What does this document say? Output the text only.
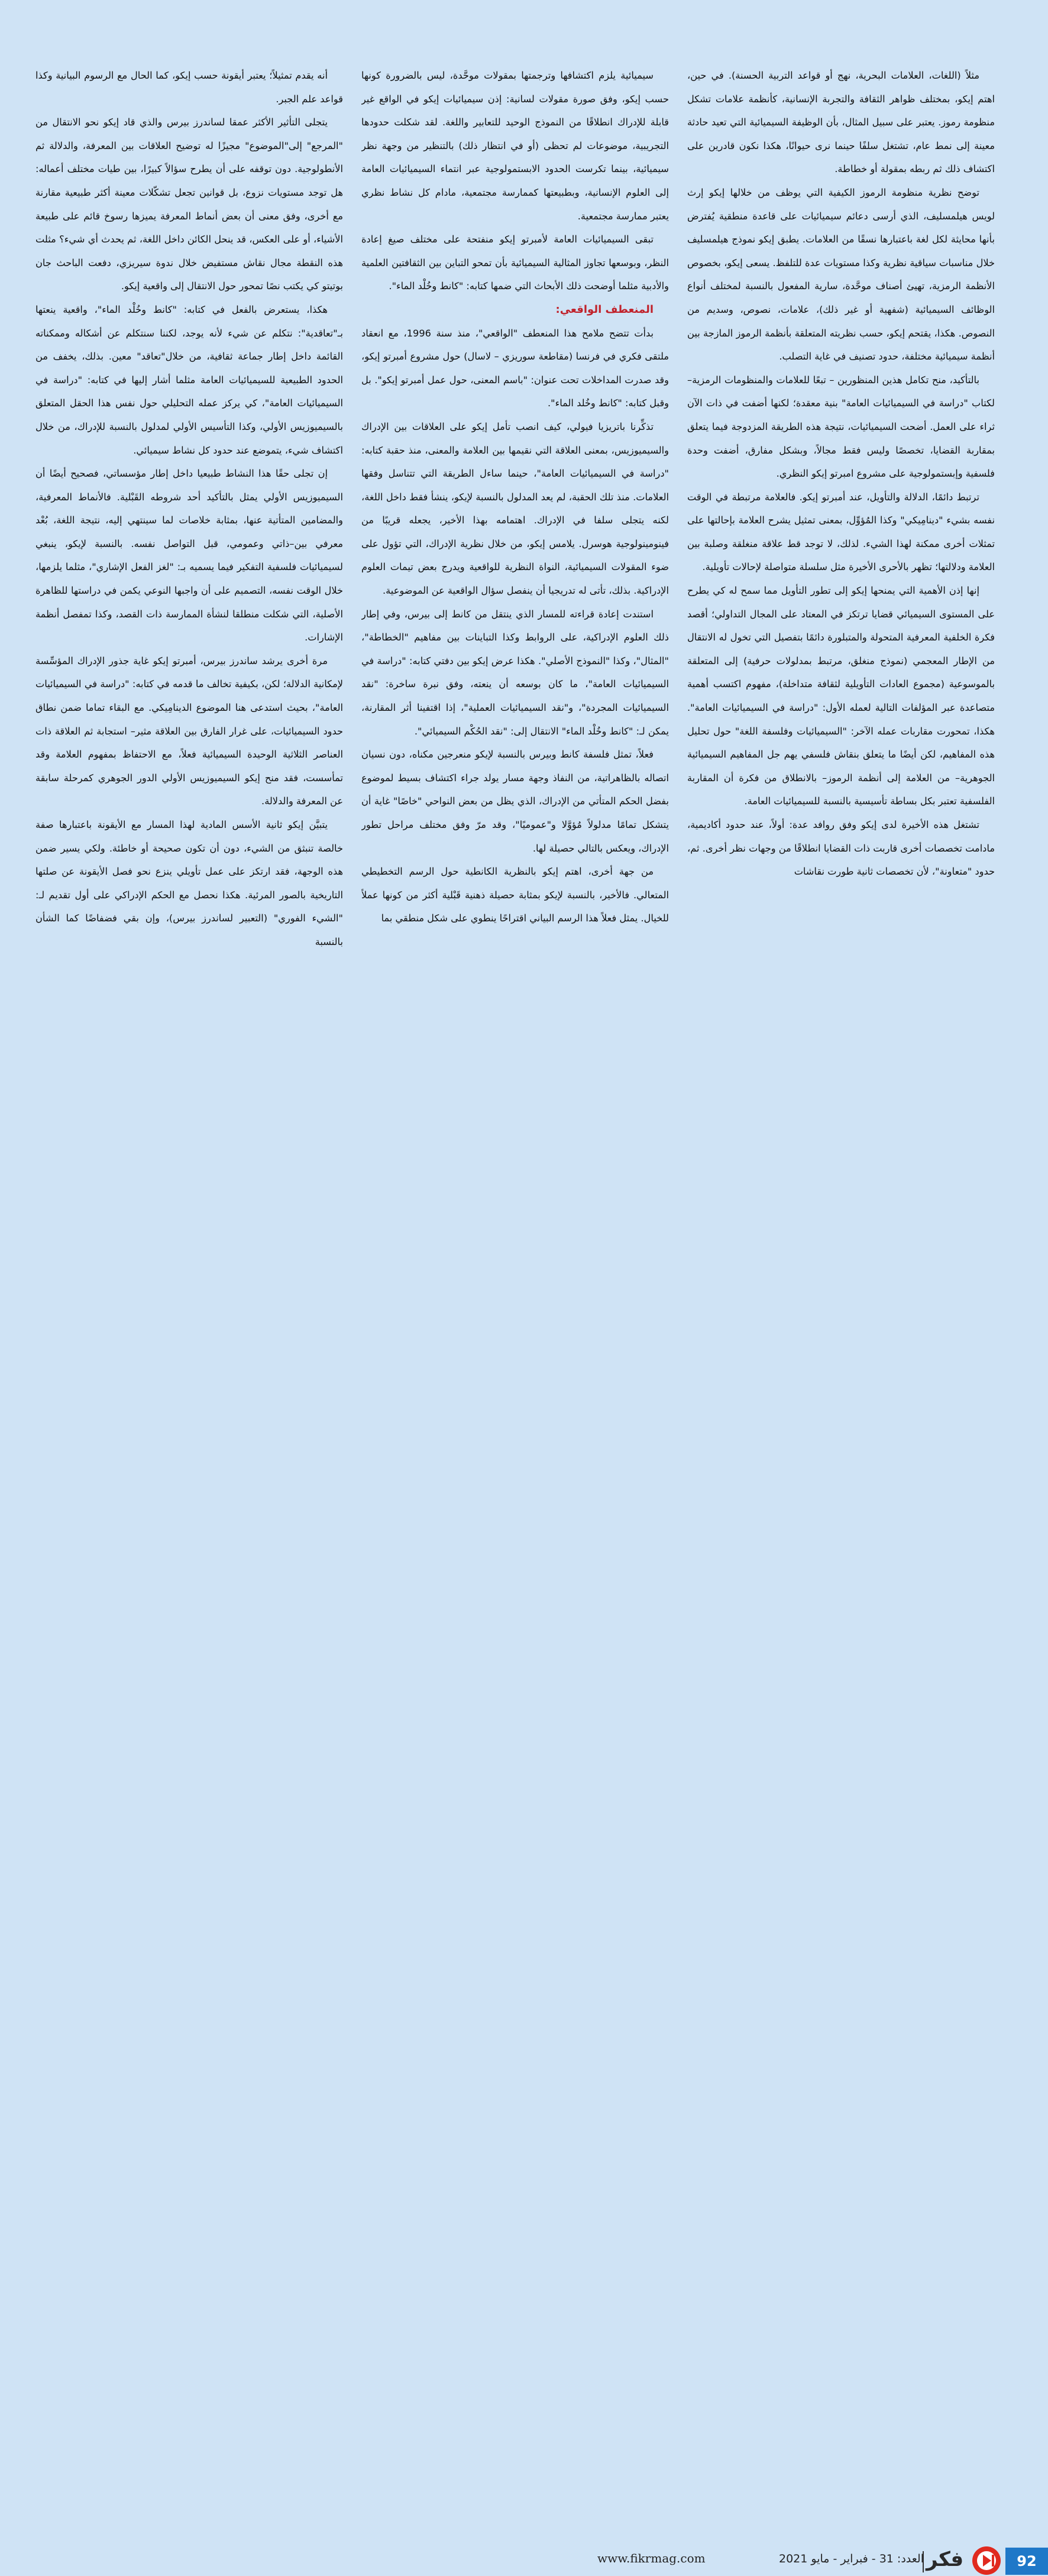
مثلاً (اللغات، العلامات البحرية، نهج أو قواعد التربية الحسنة). في حين، اهتم إيكو، بمختلف ظواهر الثقافة والتجربة الإنسانية، كأنظمة علامات تشكل منظومة رموز. يعتبر على سبيل المثال، بأن الوظيفة السيميائية التي تعيد حادثة معينة إلى نمط عام، تشتغل سلفًا حينما نرى حيوانًا، هكذا نكون قادرين على اكتشاف ذلك ثم ربطه بمقولة أو خطاطة.

توضح نظرية منظومة الرموز الكيفية التي يوظف من خلالها إيكو إرث لويس هيلمسليف، الذي أرسى دعائم سيميائيات على قاعدة منطقية يُفترض بأنها محايثة لكل لغة باعتبارها نسقًا من العلامات. يطبق إيكو نموذج هيلمسليف خلال مناسبات سياقية نظرية وكذا مستويات عدة للتلفظ. يسعى إيكو، بخصوص الأنظمة الرمزية، تهيئ أصناف موحَّدة، سارية المفعول بالنسبة لمختلف أنواع الوظائف السيميائية (شفهية أو غير ذلك)، علامات، نصوص، وسديم من النصوص. هكذا، يقتحم إيكو، حسب نظريته المتعلقة بأنظمة الرموز المازجة بين أنظمة سيميائية مختلفة، حدود تصنيف في غاية التصلب.

بالتأكيد، منح تكامل هذين المنظورين – تبعًا للعلامات والمنظومات الرمزية– لكتاب "دراسة في السيميائيات العامة" بنية معقدة؛ لكنها أضفت في ذات الآن ثراء على العمل. أضحت السيميائيات، نتيجة هذه الطريقة المزدوجة فيما يتعلق بمقاربة القضايا، تخصصًا وليس فقط مجالاً، وبشكل مفارق، أضفت وحدة فلسفية وإبستمولوجية على مشروع امبرتو إيكو النظري.

ترتبط دائمًا، الدلالة والتأويل، عند أمبرتو إيكو. فالعلامة مرتبطة في الوقت نفسه بشيء "دينامِيكي" وكذا المُؤوِّل، بمعنى تمثيل يشرح العلامة بإحالتها على تمثلات أخرى ممكنة لهذا الشيء. لذلك، لا توجد قط علاقة منغلقة وصلبة بين العلامة ودلالتها؛ تظهر بالأحرى الأخيرة مثل سلسلة متواصلة لإحالات تأويلية.

إنها إذن الأهمية التي يمنحها إيكو إلى تطور التأويل مما سمح له كي يطرح على المستوى السيميائي قضايا ترتكز في المعتاد على المجال التداولي؛ أقصد فكرة الخلفية المعرفية المتحولة والمتبلورة دائمًا بتفصيل التي تخول له الانتقال من الإطار المعجمي (نموذج منغلق، مرتبط بمدلولات حرفية) إلى المتعلقة بالموسوعية (مجموع العادات التأويلية لثقافة متداخلة)، مفهوم اكتسب أهمية متصاعدة عبر المؤلفات التالية لعمله الأول: "دراسة في السيميائيات العامة". هكذا، تمحورت مقاربات عمله الآخر: "السيميائيات وفلسفة اللغة" حول تحليل هذه المفاهيم، لكن أيضًا ما يتعلق بنقاش فلسفي يهم جل المفاهيم السيميائية الجوهرية– من العلامة إلى أنظمة الرموز– بالانطلاق من فكرة أن المقاربة الفلسفية تعتبر بكل بساطة تأسيسية بالنسبة للسيميائيات العامة.

تشتغل هذه الأخيرة لدى إيكو وفق روافد عدة: أولاً، عند حدود أكاديمية، مادامت تخصصات أخرى قاربت ذات القضايا انطلاقًا من وجهات نظر أخرى. ثم، حدود "متعاونة"، لأن تخصصات ثانية طورت نقاشات

سيميائية يلزم اكتشافها وترجمتها بمقولات موحَّدة، ليس بالضرورة كونها حسب إيكو، وفق صورة مقولات لسانية: إذن سيميائيات إيكو في الواقع غير قابلة للإدراك انطلاقًا من النموذج الوحيد للتعابير واللغة. لقد شكلت حدودها التجريبية، موضوعات لم تحظى (أو في انتظار ذلك) بالتنظير من وجهة نظر سيميائية، بينما تكرست الحدود الابستمولوجية عبر انتماء السيميائيات العامة إلى العلوم الإنسانية، وبطبيعتها كممارسة مجتمعية، مادام كل نشاط نظري يعتبر ممارسة مجتمعية.

تبقى السيميائيات العامة لأمبرتو إيكو منفتحة على مختلف صيغ إعادة النظر، وبوسعها تجاوز المثالية السيميائية بأن تمحو التباين بين الثقافتين العلمية والأدبية مثلما أوضحت ذلك الأبحاث التي ضمها كتابه: "كانط وخُلْد الماء".

المنعطف الواقعي:

بدأت تتضح ملامح هذا المنعطف "الواقعي"، منذ سنة 1996، مع انعقاد ملتقى فكري في فرنسا (مقاطعة سوريزي – لاسال) حول مشروع أمبرتو إيكو، وقد صدرت المداخلات تحت عنوان: "باسم المعنى، حول عمل أمبرتو إيكو". بل وقبل كتابه: "كانط وخُلد الماء".

تذكِّرنا باتريزيا فيولي، كيف انصب تأمل إيكو على العلاقات بين الإدراك والسيميوزيس، بمعنى العلاقة التي نقيمها بين العلامة والمعنى، منذ حقبة كتابه: "دراسة في السيميائيات العامة"، حينما ساءل الطريقة التي تتناسل وفقها العلامات. منذ تلك الحقبة، لم يعد المدلول بالنسبة لإيكو، ينشأ فقط داخل اللغة، لكنه يتجلى سلفا في الإدراك. اهتمامه بهذا الأخير، يجعله قريبًا من فينومينولوجية هوسرل. يلامس إيكو، من خلال نظرية الإدراك، التي تؤول على ضوء المقولات السيميائية، النواة النظرية للواقعية ويدرج بعض تيمات العلوم الإدراكية. بذلك، تأتى له تدريجيا أن ينفصل سؤال الواقعية عن الموضوعية.

استندت إعادة قراءته للمسار الذي ينتقل من كانط إلى بيرس، وفي إطار ذلك العلوم الإدراكية، على الروابط وكذا التباينات بين مفاهيم "الخطاطة"، "المثال"، وكذا "النموذج الأصلي". هكذا عرض إيكو بين دفتي كتابه: "دراسة في السيميائيات العامة"، ما كان بوسعه أن ينعته، وفق نبرة ساخرة: "نقد السيميائيات المجردة"، و"نقد السيميائيات العملية"، إذا اقتفينا أثر المقارنة، يمكن لـ: "كانط وخُلْد الماء" الانتقال إلى: "نقد الحُكْم السيميائي".

فعلاً، تمثل فلسفة كانط وبيرس بالنسبة لإيكو منعرجين مكناه، دون نسيان اتصاله بالظاهراتية، من النفاذ وجهة مسار يولد جراء اكتشاف بسيط لموضوع بفضل الحكم المتأتي من الإدراك، الذي يظل من بعض النواحي "خاصًا" غاية أن يتشكل تمامًا مدلولاً مُؤوَّلا و"عموميًا"، وقد مرّ وفق مختلف مراحل تطور الإدراك، ويعكس بالتالي حصيلة لها.

من جهة أخرى، اهتم إيكو بالنظرية الكانطية حول الرسم التخطيطي المتعالي. فالأخير، بالنسبة لإيكو بمثابة حصيلة ذهنية قَبْلية أكثر من كونها عملاً للخيال. يمثل فعلاً هذا الرسم البياني اقتراحًا ينطوي على شكل منطقي بما

أنه يقدم تمثيلاً؛ يعتبر أيقونة حسب إيكو، كما الحال مع الرسوم البيانية وكذا قواعد علم الجبر.

يتجلى التأثير الأكثر عمقا لساندرز بيرس والذي قاد إيكو نحو الانتقال من "المرجع" إلى"الموضوع" مجيزًا له توضيح العلاقات بين المعرفة، والدلالة ثم الأنطولوجية. دون توقفه على أن يطرح سؤالاً كبيرًا، بين طيات مختلف أعماله: هل توجد مستويات نزوع، بل قوانين تجعل تشكّلات معينة أكثر طبيعية مقارنة مع أخرى، وفق معنى أن بعض أنماط المعرفة يميزها رسوخ قائم على طبيعة الأشياء، أو على العكس، قد ينحل الكائن داخل اللغة، ثم يحدث أي شيء؟ مثلت هذه النقطة مجال نقاش مستفيض خلال ندوة سيريزي، دفعت الباحث جان بوتيتو كي يكتب نصًا تمحور حول الانتقال إلى واقعية إيكو.

هكذا، يستعرض بالفعل في كتابه: "كانط وخُلْد الماء"، واقعية ينعتها بـ"تعاقدية": نتكلم عن شيء لأنه يوجد، لكننا سنتكلم عن أشكاله وممكناته القائمة داخل إطار جماعة ثقافية، من خلال"تعاقد" معين. بذلك، يخفف من الحدود الطبيعية للسيميائيات العامة مثلما أشار إليها في كتابه: "دراسة في السيميائيات العامة"، كي يركز عمله التحليلي حول نفس هذا الحقل المتعلق بالسيميوزيس الأولي، وكذا التأسيس الأولي لمدلول بالنسبة للإدراك، من خلال اكتشاف شيء، يتموضع عند حدود كل نشاط سيميائي.

إن تجلى حقًا هذا النشاط طبيعيا داخل إطار مؤسساتي، فصحيح أيضًا أن السيميوزيس الأولي يمثل بالتأكيد أحد شروطه القَبْلية. فالأنماط المعرفية، والمضامين المتأتية عنها، بمثابة خلاصات لما سينتهي إليه، نتيجة اللغة، بُعْد معرفي بين–ذاتي وعمومي، قبل التواصل نفسه. بالنسبة لإيكو، ينبغي لسيميائيات فلسفية التفكير فيما يسميه بـ: "لغز الفعل الإشاري"، مثلما يلزمها، خلال الوقت نفسه، التصميم على أن واجبها النوعي يكمن في دراستها للظاهرة الأصلية، التي شكلت منطلقا لنشأة الممارسة ذات القصد، وكذا تمفصل أنظمة الإشارات.

مرة أخرى يرشد ساندرز بيرس، أمبرتو إيكو غاية جذور الإدراك المؤسِّسة لإمكانية الدلالة؛ لكن، بكيفية تخالف ما قدمه في كتابه: "دراسة في السيميائيات العامة"، بحيث استدعى هنا الموضوع الدينامِيكي. مع البقاء تماما ضمن نطاق حدود السيميائيات، على غرار الفارق بين العلاقة مثير– استجابة ثم العلاقة ذات العناصر الثلاثية الوحيدة السيميائية فعلاً، مع الاحتفاظ بمفهوم العلامة وقد تمأسست، فقد منح إيكو السيميوزيس الأولي الدور الجوهري كمرحلة سابقة عن المعرفة والدلالة.

يتبيَّن إيكو ثانية الأسس المادية لهذا المسار مع الأيقونة باعتبارها صفة خالصة تنبثق من الشيء، دون أن تكون صحيحة أو خاطئة. ولكي يسير ضمن هذه الوجهة، فقد ارتكز على عمل تأويلي ينزع نحو فصل الأيقونة عن صلتها التاريخية بالصور المرئية. هكذا نحصل مع الحكم الإدراكي على أول تقديم لـ: "الشيء الفوري" (التعبير لساندرز بيرس)، وإن بقي فضفاضًا كما الشأن بالنسبة

92
فكر
العدد: 31 - فبراير - مايو 2021
www.fikrmag.com
